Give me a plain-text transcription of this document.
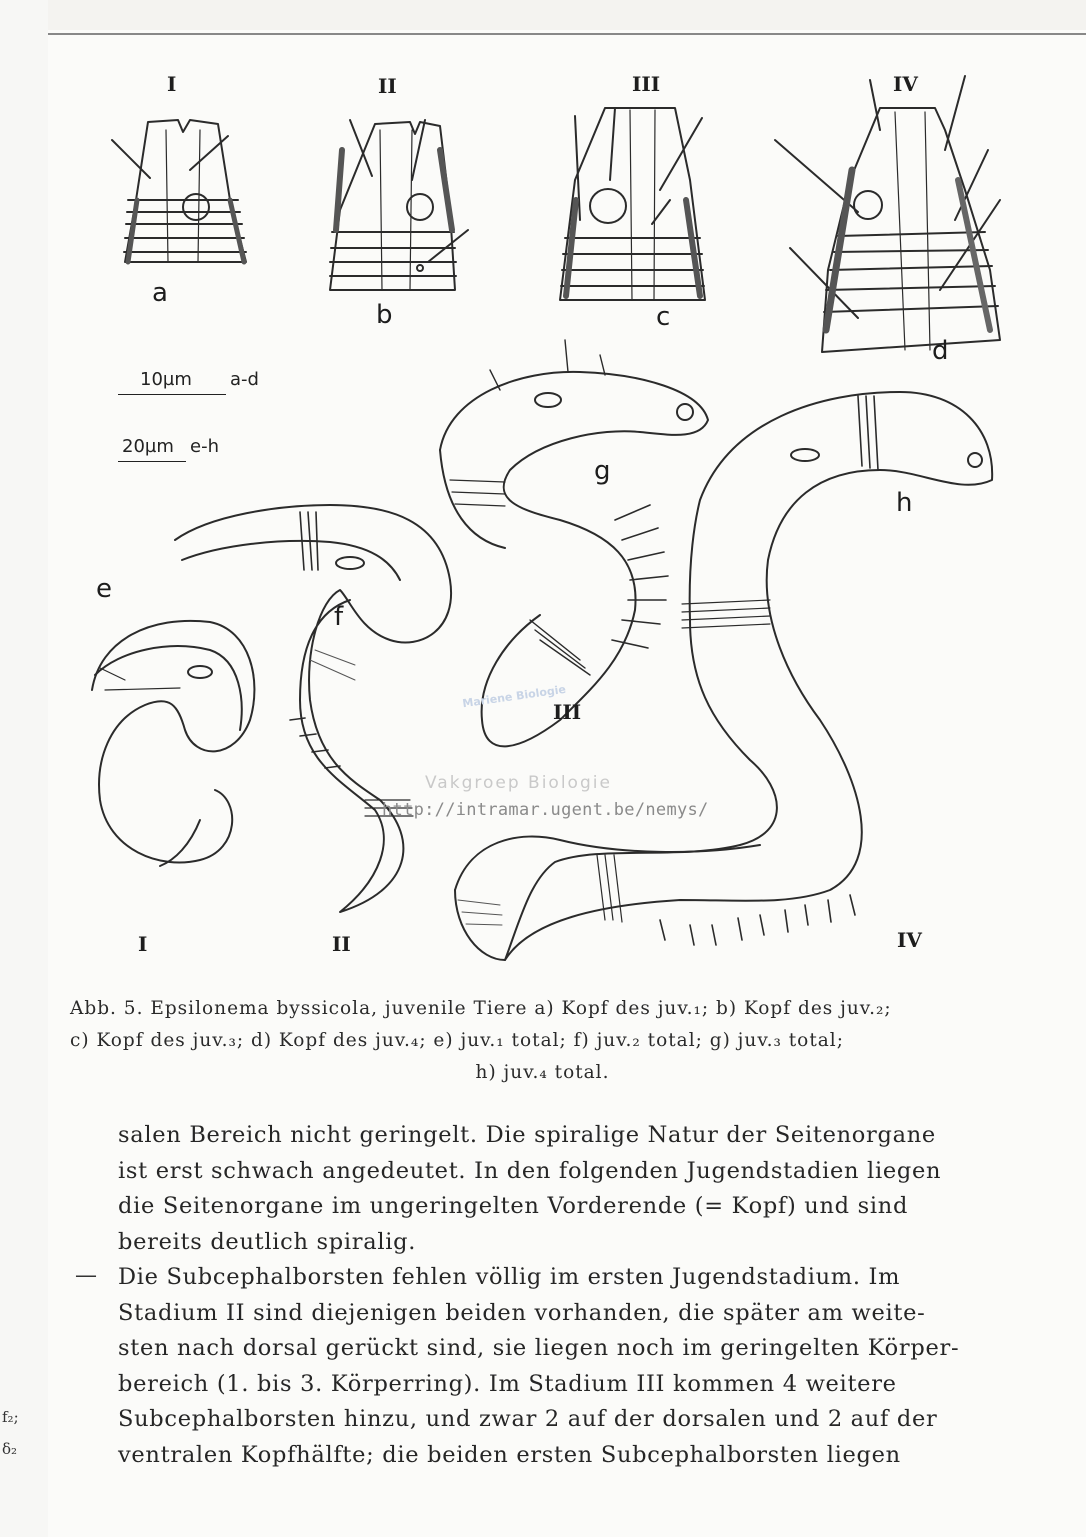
f₂;
δ₂
I	II	III	IV
a
b	c
d
10µm a-d
20µm e-h
e
f
g
h
I	II
III
IV
Mariene Biologie
Vakgroep Biologie
http://intramar.ugent.be/nemys/
Abb. 5. Epsilonema byssicola, juvenile Tiere a) Kopf des juv.₁; b) Kopf des juv.₂;
c) Kopf des juv.₃; d) Kopf des juv.₄; e) juv.₁ total; f) juv.₂ total; g) juv.₃ total;
h) juv.₄ total.
—

salen Bereich nicht geringelt. Die spiralige Natur der Seitenorgane

ist erst schwach angedeutet. In den folgenden Jugendstadien liegen

die Seitenorgane im ungeringelten Vorderende (= Kopf) und sind

bereits deutlich spiralig.

Die Subcephalborsten fehlen völlig im ersten Jugendstadium. Im

Stadium II sind diejenigen beiden vorhanden, die später am weite-

sten nach dorsal gerückt sind, sie liegen noch im geringelten Körper-

bereich (1. bis 3. Körperring). Im Stadium III kommen 4 weitere

Subcephalborsten hinzu, und zwar 2 auf der dorsalen und 2 auf der

ventralen Kopfhälfte; die beiden ersten Subcephalborsten liegen
